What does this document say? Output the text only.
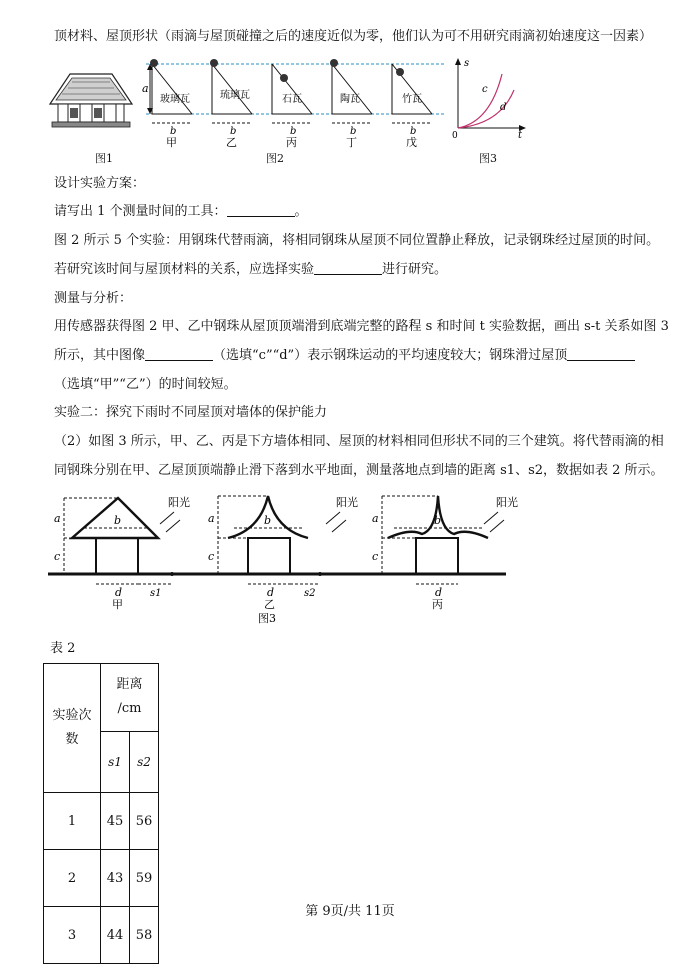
顶材料、屋顶形状（雨滴与屋顶碰撞之后的速度近似为零，他们认为可不用研究雨滴初始速度这一因素）
图1
a
玻璃瓦
b
甲
琉璃瓦
b
乙
石瓦
b
丙
陶瓦
b
丁
竹瓦
b
戊
图2
s
t
0
c
d
图3
设计实验方案：
请写出 1 个测量时间的工具：	。
图 2 所示 5 个实验：用钢珠代替雨滴，将相同钢珠从屋顶不同位置静止释放，记录钢珠经过屋顶的时间。
若研究该时间与屋顶材料的关系，应选择实验	进行研究。
测量与分析：
用传感器获得图 2 甲、乙中钢珠从屋顶顶端滑到底端完整的路程 s 和时间 t 实验数据，画出 s-t 关系如图 3
所示，其中图像	（选填“c”“d”）表示钢珠运动的平均速度较大；钢珠滑过屋顶
（选填“甲”“乙”）的时间较短。
实验二：探究下雨时不同屋顶对墙体的保护能力
（2）如图 3 所示，甲、乙、丙是下方墙体相同、屋顶的材料相同但形状不同的三个建筑。将代替雨滴的相
同钢珠分别在甲、乙屋顶顶端静止滑下落到水平地面，测量落地点到墙的距离 s1、s2，数据如表 2 所示。
a
c
b
d	s1
甲
阳光
a
c
b
d	s2
乙
图3
阳光
a
c
b
d
丙
阳光
表 2
实验次数	距离
/cm	

	s1	s2
1	45	56
2	43	59
3	44	58
第 9页/共 11页
